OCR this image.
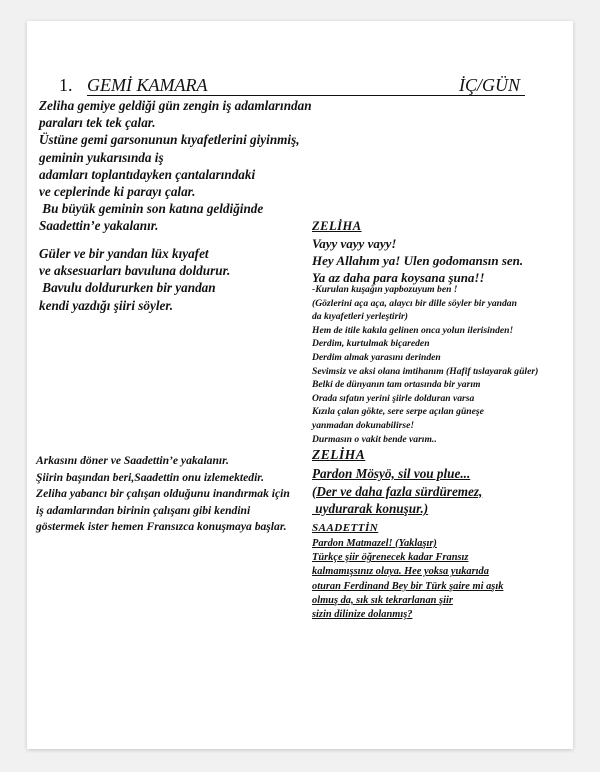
1. GEMİ KAMARA	İÇ/GÜN
Zeliha gemiye geldiği gün zengin iş adamlarından
paraları tek tek çalar.
Üstüne gemi garsonunun kıyafetlerini giyinmiş,
geminin yukarısında iş
adamları toplantıdayken çantalarındaki
ve ceplerinde ki parayı çalar.
Bu büyük geminin son katına geldiğinde
Saadettin’e yakalanır.
Güler ve bir yandan lüx kıyafet
ve aksesuarları bavuluna doldurur.
Bavulu doldururken bir yandan
kendi yazdığı şiiri söyler.
ZELİHA
Vayy vayy vayy!
Hey Allahım ya! Ulen godomansın sen.
Ya az daha para koysana şuna!!
-Kurulan kuşağın yapbozuyum ben !
(Gözlerini aça aça, alaycı bir dille söyler bir yandan
da kıyafetleri yerleştirir)
Hem de itile kakıla gelinen onca yolun ilerisinden!
Derdim, kurtulmak biçareden
Derdim almak yarasını derinden
Sevimsiz ve aksi olana imtihanım (Hafif tıslayarak güler)
Belki de dünyanın tam ortasında bir yarım
Orada sıfatın yerini şiirle dolduran varsa
Kızıla çalan gökte, sere serpe açılan güneşe
yanmadan dokunabilirse!
Durmasın o vakit bende varım..
Arkasını döner ve Saadettin’e yakalanır.
Şiirin başından beri,Saadettin onu izlemektedir.
Zeliha yabancı bir çalışan olduğunu inandırmak için
iş adamlarından birinin çalışanı gibi kendini
göstermek ister hemen Fransızca konuşmaya başlar.
ZELİHA
Pardon Mösyö, sil vou plue...
(Der ve daha fazla sürdüremez,
uydurarak konuşur.)
SAADETTİN
Pardon Matmazel! (Yaklaşır)
Türkçe şiir öğrenecek kadar Fransız
kalmamışsınız olaya. Hee yoksa yukarıda
oturan Ferdinand Bey bir Türk şaire mi aşık
olmuş da, sık sık tekrarlanan şiir
sizin dilinize dolanmış?
